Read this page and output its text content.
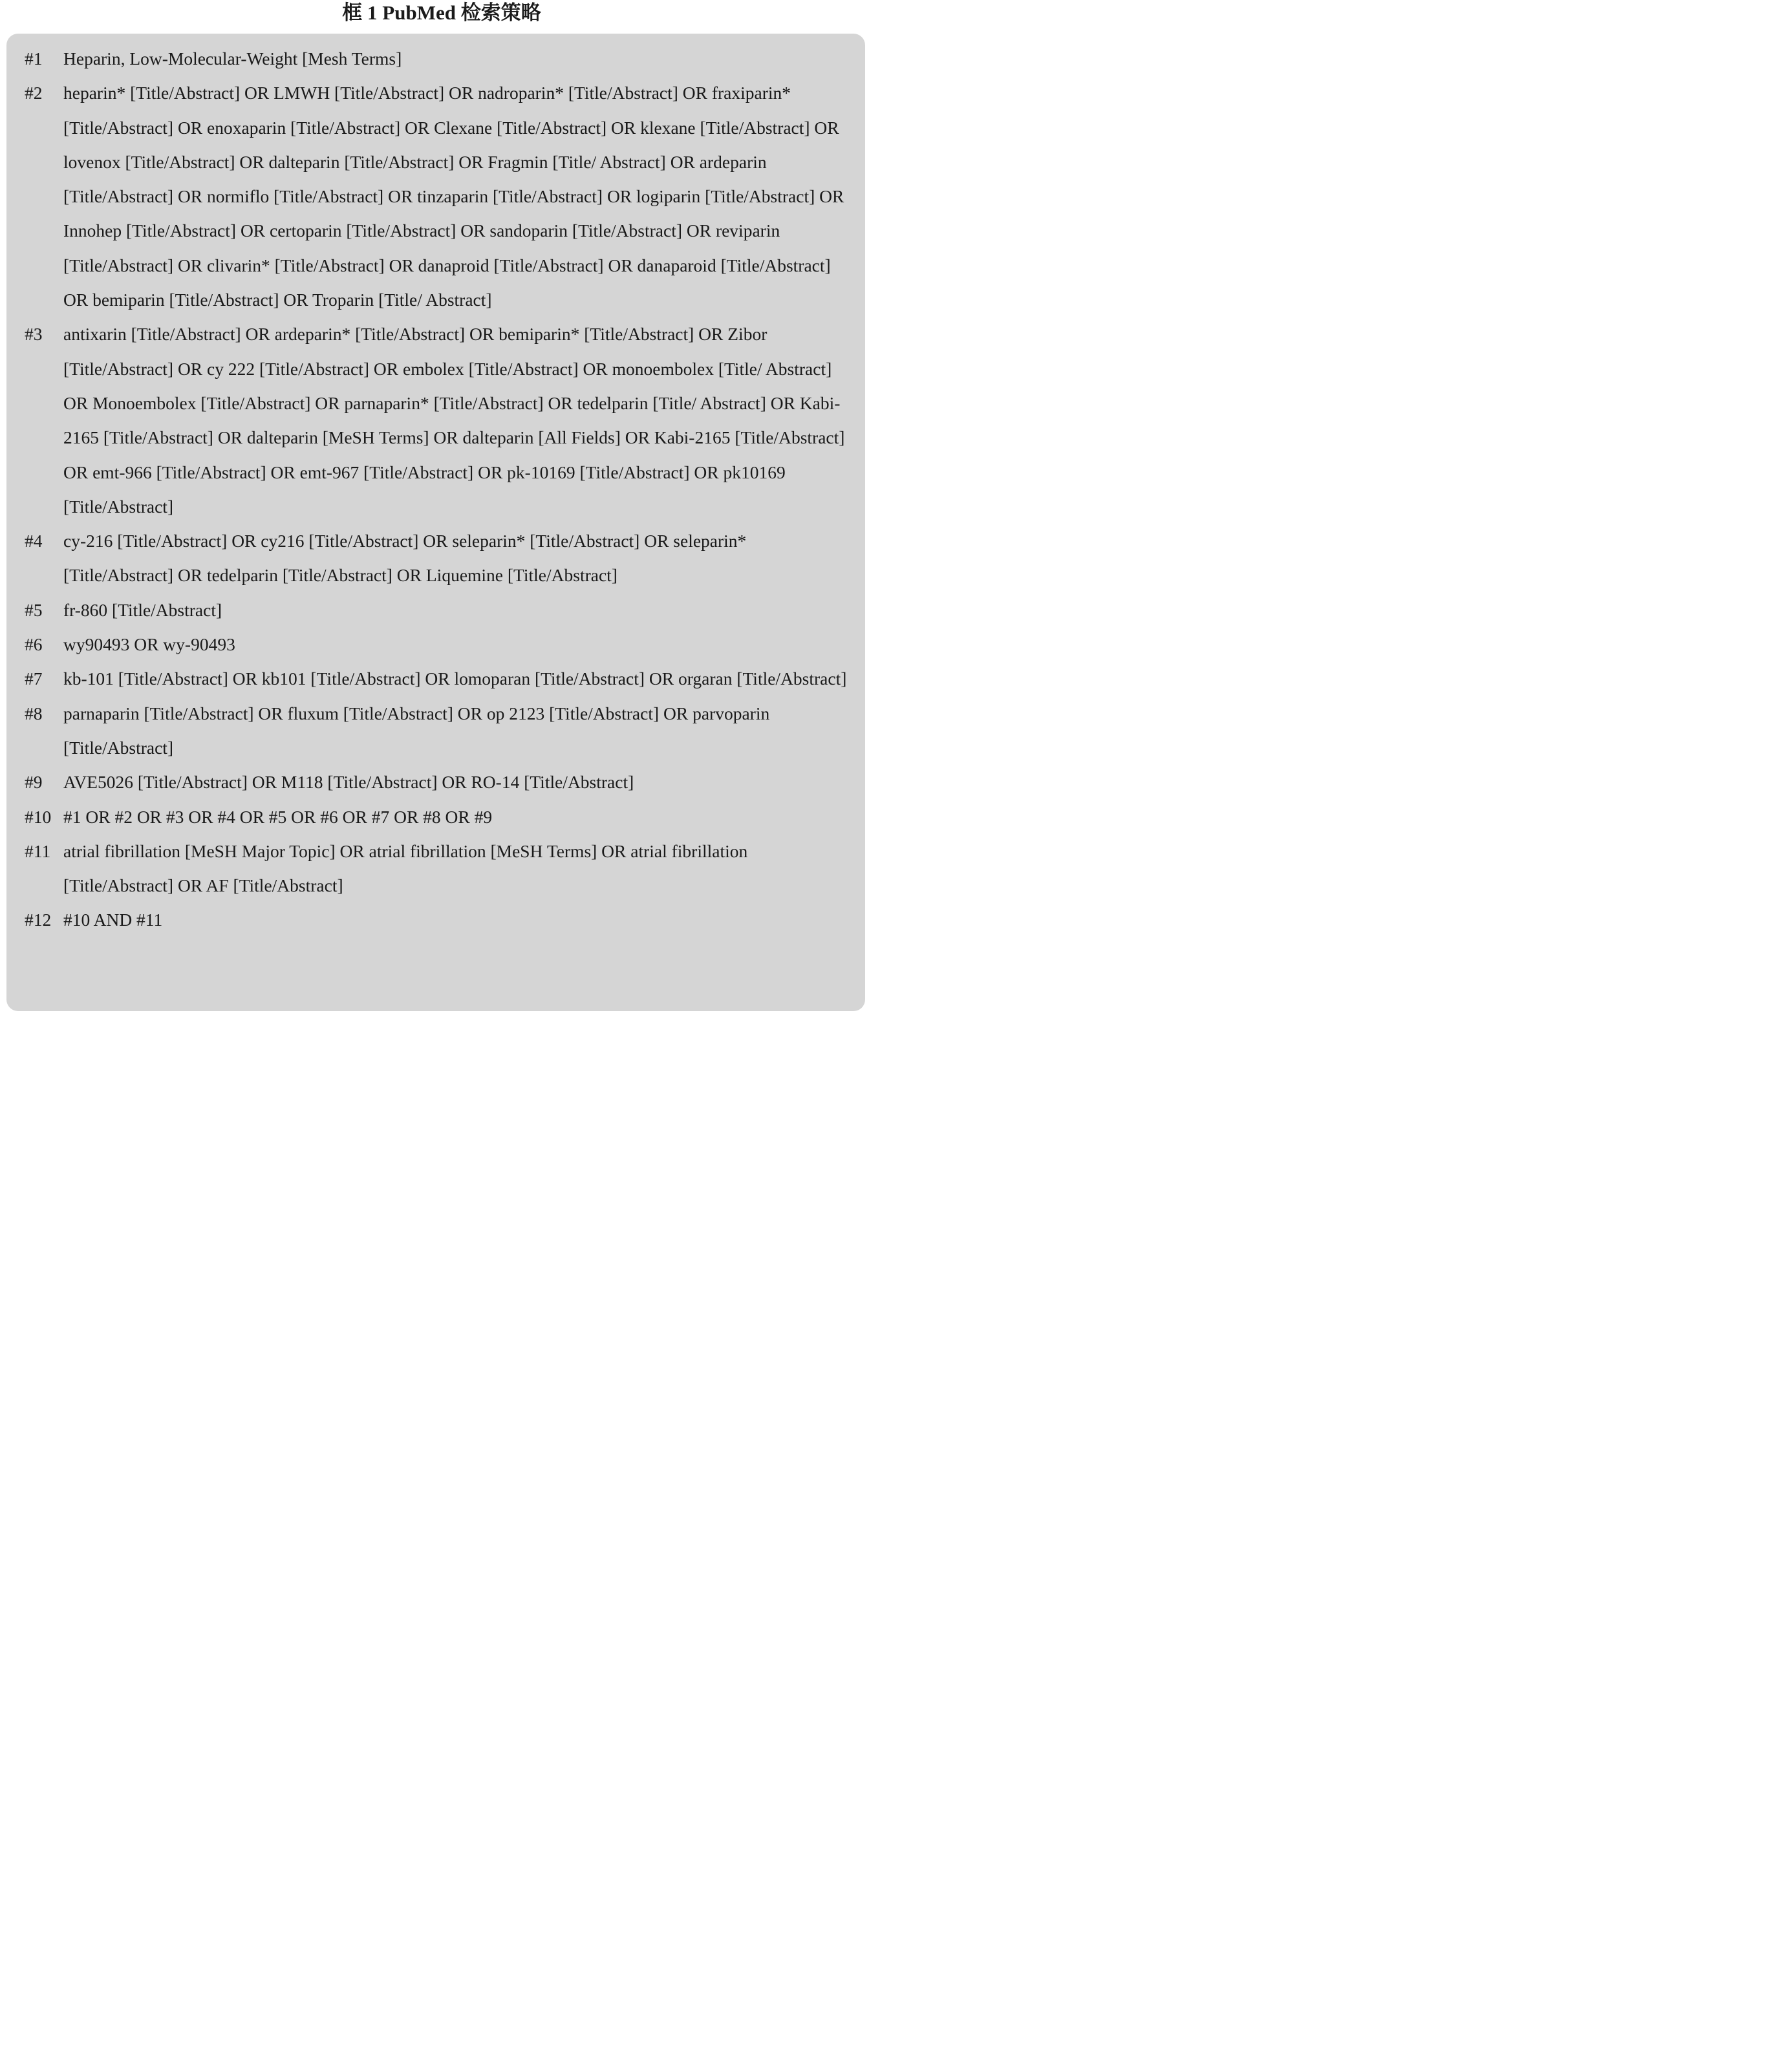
框 1 PubMed 检索策略
#1	Heparin, Low-Molecular-Weight [Mesh Terms]
#2	heparin* [Title/Abstract] OR LMWH [Title/Abstract] OR nadroparin* [Title/Abstract] OR fraxiparin* [Title/Abstract] OR enoxaparin [Title/Abstract] OR Clexane [Title/Abstract] OR klexane [Title/Abstract] OR lovenox [Title/Abstract] OR dalteparin [Title/Abstract] OR Fragmin [Title/ Abstract] OR ardeparin [Title/Abstract] OR normiflo [Title/Abstract] OR tinzaparin [Title/Abstract] OR logiparin [Title/Abstract] OR Innohep [Title/Abstract] OR certoparin [Title/Abstract] OR sandoparin [Title/Abstract] OR reviparin [Title/Abstract] OR clivarin* [Title/Abstract] OR danaproid [Title/Abstract] OR danaparoid [Title/Abstract] OR bemiparin [Title/Abstract] OR Troparin [Title/ Abstract]
#3	antixarin [Title/Abstract] OR ardeparin* [Title/Abstract] OR bemiparin* [Title/Abstract] OR Zibor [Title/Abstract] OR cy 222 [Title/Abstract] OR embolex [Title/Abstract] OR monoembolex [Title/ Abstract] OR Monoembolex [Title/Abstract] OR parnaparin* [Title/Abstract] OR tedelparin [Title/ Abstract] OR Kabi-2165 [Title/Abstract] OR dalteparin [MeSH Terms] OR dalteparin [All Fields] OR Kabi-2165 [Title/Abstract] OR emt-966 [Title/Abstract] OR emt-967 [Title/Abstract] OR pk-10169 [Title/Abstract] OR pk10169 [Title/Abstract]
#4	cy-216 [Title/Abstract] OR cy216 [Title/Abstract] OR seleparin* [Title/Abstract] OR seleparin* [Title/Abstract] OR tedelparin [Title/Abstract] OR Liquemine [Title/Abstract]
#5	fr-860 [Title/Abstract]
#6	wy90493 OR wy-90493
#7	kb-101 [Title/Abstract] OR kb101 [Title/Abstract] OR lomoparan [Title/Abstract] OR orgaran [Title/Abstract]
#8	parnaparin [Title/Abstract] OR fluxum [Title/Abstract] OR op 2123 [Title/Abstract] OR parvoparin [Title/Abstract]
#9	AVE5026 [Title/Abstract] OR M118 [Title/Abstract] OR RO-14 [Title/Abstract]
#10 #1 OR #2 OR #3 OR #4 OR #5 OR #6 OR #7 OR #8 OR #9
#11 atrial fibrillation [MeSH Major Topic] OR atrial fibrillation [MeSH Terms] OR atrial fibrillation [Title/Abstract] OR AF [Title/Abstract]
#12 #10 AND #11
